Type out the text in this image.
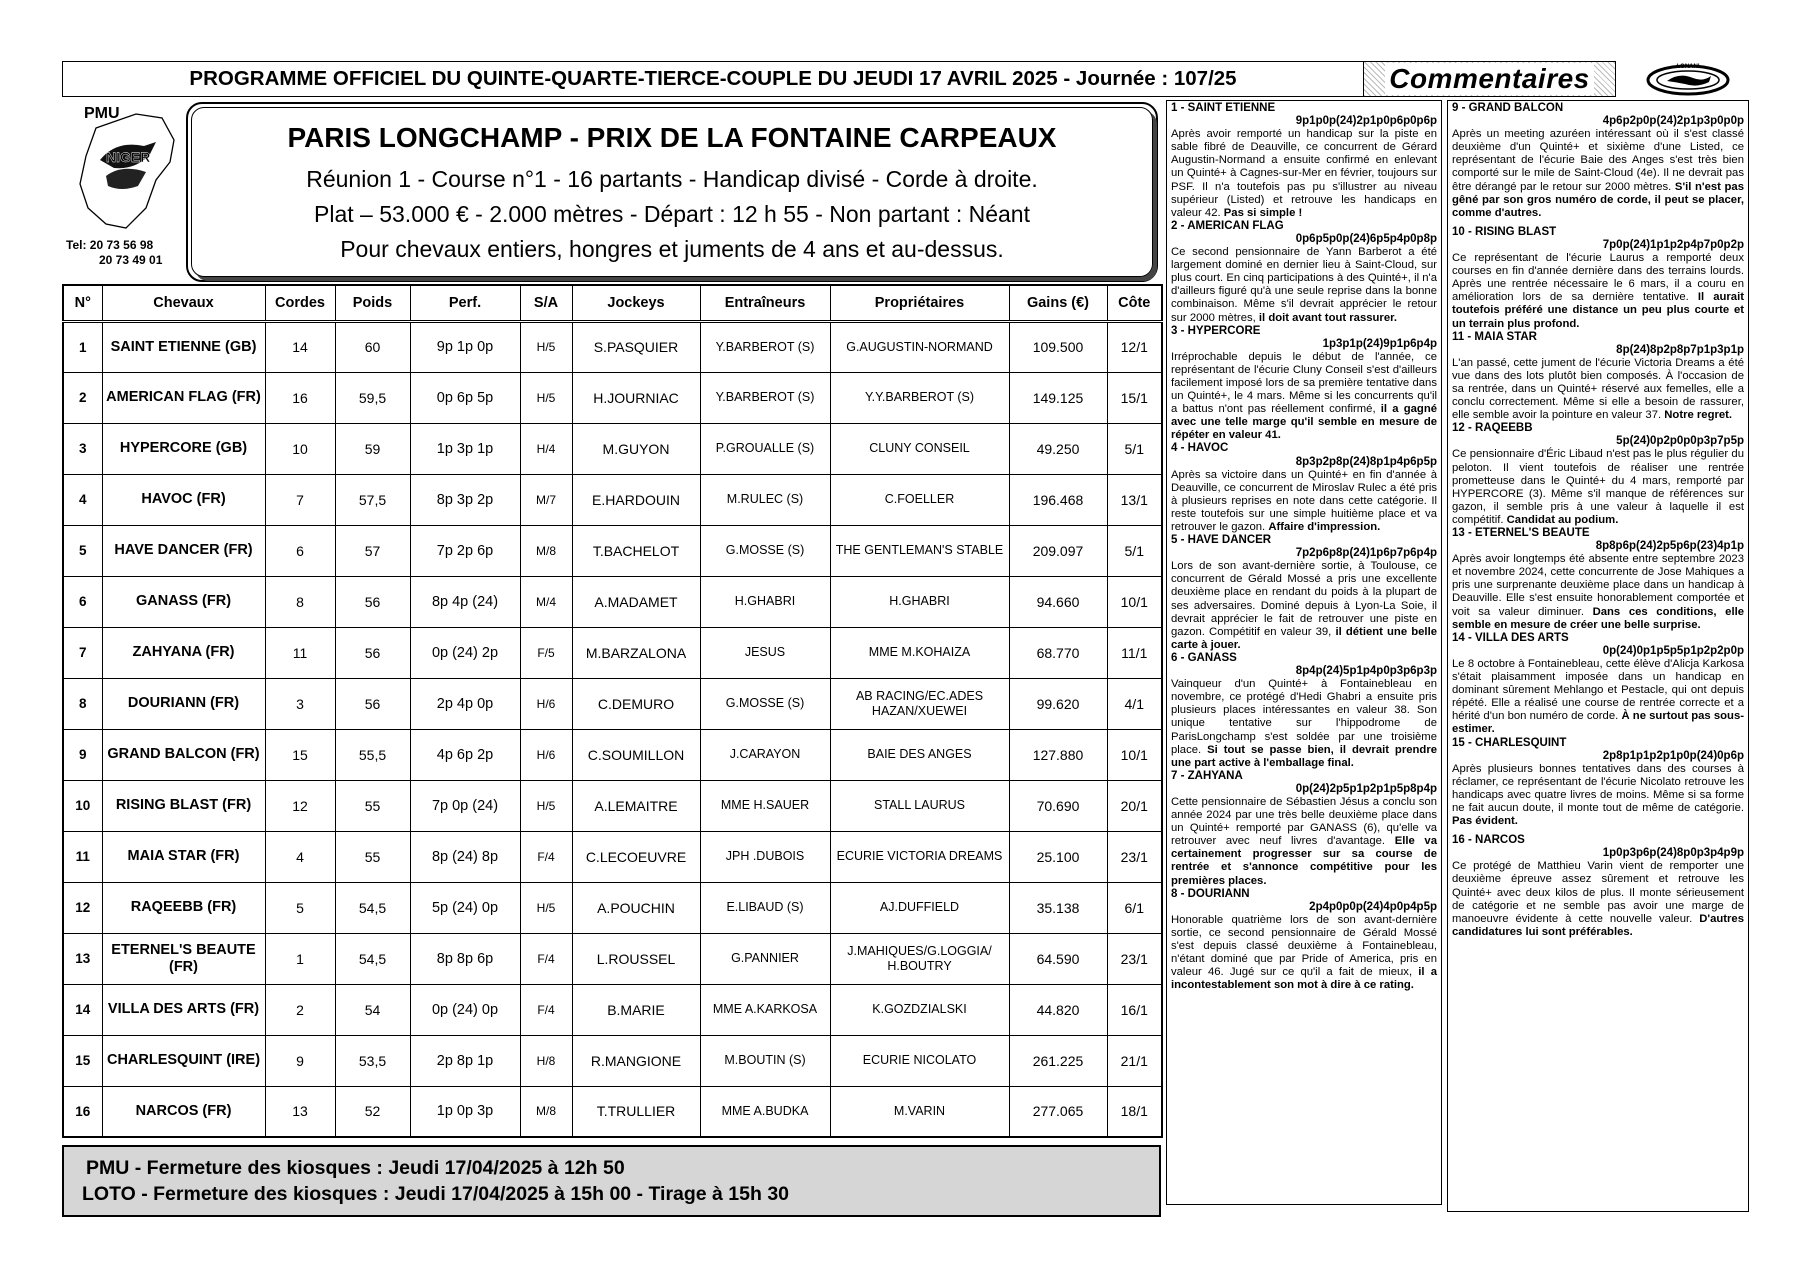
PROGRAMME OFFICIEL DU QUINTE-QUARTE-TIERCE-COUPLE DU JEUDI 17 AVRIL 2025 - Journée : 107/25	Commentaires	LONANI
PMU
NIGER
Tel: 20 73 56 98
20 73 49 01
PARIS LONGCHAMP - PRIX DE LA FONTAINE CARPEAUX
Réunion 1 - Course n°1 - 16 partants - Handicap divisé - Corde à droite.
Plat – 53.000 € - 2.000 mètres - Départ : 12 h 55 - Non partant : Néant
Pour chevaux entiers, hongres et juments de 4 ans et au-dessus.
N°	Chevaux	Cordes	Poids	Perf.	S/A	Jockeys	Entraîneurs	Propriétaires	Gains (€)	Côte
1	SAINT ETIENNE (GB)	14	60	9p 1p 0p	H/5	S.PASQUIER	Y.BARBEROT (S)	G.AUGUSTIN-NORMAND	109.500	12/1
2	AMERICAN FLAG (FR)	16	59,5	0p 6p 5p	H/5	H.JOURNIAC	Y.BARBEROT (S)	Y.Y.BARBEROT (S)	149.125	15/1
3	HYPERCORE (GB)	10	59	1p 3p 1p	H/4	M.GUYON	P.GROUALLE (S)	CLUNY CONSEIL	49.250	5/1
4	HAVOC (FR)	7	57,5	8p 3p 2p	M/7	E.HARDOUIN	M.RULEC (S)	C.FOELLER	196.468	13/1
5	HAVE DANCER (FR)	6	57	7p 2p 6p	M/8	T.BACHELOT	G.MOSSE (S)	THE GENTLEMAN'S STABLE	209.097	5/1
6	GANASS (FR)	8	56	8p 4p (24)	M/4	A.MADAMET	H.GHABRI	H.GHABRI	94.660	10/1
7	ZAHYANA (FR)	11	56	0p (24) 2p	F/5	M.BARZALONA	JESUS	MME M.KOHAIZA	68.770	11/1
8	DOURIANN (FR)	3	56	2p 4p 0p	H/6	C.DEMURO	G.MOSSE (S)	AB RACING/EC.ADES HAZAN/XUEWEI	99.620	4/1
9	GRAND BALCON (FR)	15	55,5	4p 6p 2p	H/6	C.SOUMILLON	J.CARAYON	BAIE DES ANGES	127.880	10/1
10	RISING BLAST (FR)	12	55	7p 0p (24)	H/5	A.LEMAITRE	MME H.SAUER	STALL LAURUS	70.690	20/1
11	MAIA STAR (FR)	4	55	8p (24) 8p	F/4	C.LECOEUVRE	JPH .DUBOIS	ECURIE VICTORIA DREAMS	25.100	23/1
12	RAQEEBB (FR)	5	54,5	5p (24) 0p	H/5	A.POUCHIN	E.LIBAUD (S)	AJ.DUFFIELD	35.138	6/1
13	ETERNEL'S BEAUTE (FR)	1	54,5	8p 8p 6p	F/4	L.ROUSSEL	G.PANNIER	J.MAHIQUES/G.LOGGIA/ H.BOUTRY	64.590	23/1
14	VILLA DES ARTS (FR)	2	54	0p (24) 0p	F/4	B.MARIE	MME A.KARKOSA	K.GOZDZIALSKI	44.820	16/1
15	CHARLESQUINT (IRE)	9	53,5	2p 8p 1p	H/8	R.MANGIONE	M.BOUTIN (S)	ECURIE NICOLATO	261.225	21/1
16	NARCOS (FR)	13	52	1p 0p 3p	M/8	T.TRULLIER	MME A.BUDKA	M.VARIN	277.065	18/1
PMU - Fermeture des kiosques : Jeudi 17/04/2025 à 12h 50
LOTO - Fermeture des kiosques : Jeudi 17/04/2025 à 15h 00 - Tirage à 15h 30
1 - SAINT ETIENNE
9p1p0p(24)2p1p0p6p0p6p
Après avoir remporté un handicap sur la piste en sable fibré de Deauville, ce concurrent de Gérard Augustin-Normand a ensuite confirmé en enlevant un Quinté+ à Cagnes-sur-Mer en février, toujours sur PSF. Il n'a toutefois pas pu s'illustrer au niveau supérieur (Listed) et retrouve les handicaps en valeur 42. Pas si simple !
2 - AMERICAN FLAG
0p6p5p0p(24)6p5p4p0p8p
Ce second pensionnaire de Yann Barberot a été largement dominé en dernier lieu à Saint-Cloud, sur plus court. En cinq participations à des Quinté+, il n'a d'ailleurs figuré qu'à une seule reprise dans la bonne combinaison. Même s'il devrait apprécier le retour sur 2000 mètres, il doit avant tout rassurer.
3 - HYPERCORE
1p3p1p(24)9p1p6p4p
Irréprochable depuis le début de l'année, ce représentant de l'écurie Cluny Conseil s'est d'ailleurs facilement imposé lors de sa première tentative dans un Quinté+, le 4 mars. Même si les concurrents qu'il a battus n'ont pas réellement confirmé, il a gagné avec une telle marge qu'il semble en mesure de répéter en valeur 41.
4 - HAVOC
8p3p2p8p(24)8p1p4p6p5p
Après sa victoire dans un Quinté+ en fin d'année à Deauville, ce concurrent de Miroslav Rulec a été pris à plusieurs reprises en note dans cette catégorie. Il reste toutefois sur une simple huitième place et va retrouver le gazon. Affaire d'impression.
5 - HAVE DANCER
7p2p6p8p(24)1p6p7p6p4p
Lors de son avant-dernière sortie, à Toulouse, ce concurrent de Gérald Mossé a pris une excellente deuxième place en rendant du poids à la plupart de ses adversaires. Dominé depuis à Lyon-La Soie, il devrait apprécier le fait de retrouver une piste en gazon. Compétitif en valeur 39, il détient une belle carte à jouer.
6 - GANASS
8p4p(24)5p1p4p0p3p6p3p
Vainqueur d'un Quinté+ à Fontainebleau en novembre, ce protégé d'Hedi Ghabri a ensuite pris plusieurs places intéressantes en valeur 38. Son unique tentative sur l'hippodrome de ParisLongchamp s'est soldée par une troisième place. Si tout se passe bien, il devrait prendre une part active à l'emballage final.
7 - ZAHYANA
0p(24)2p5p1p2p1p5p8p4p
Cette pensionnaire de Sébastien Jésus a conclu son année 2024 par une très belle deuxième place dans un Quinté+ remporté par GANASS (6), qu'elle va retrouver avec neuf livres d'avantage. Elle va certainement progresser sur sa course de rentrée et s'annonce compétitive pour les premières places.
8 - DOURIANN
2p4p0p0p(24)4p0p4p5p
Honorable quatrième lors de son avant-dernière sortie, ce second pensionnaire de Gérald Mossé s'est depuis classé deuxième à Fontainebleau, n'étant dominé que par Pride of America, pris en valeur 46. Jugé sur ce qu'il a fait de mieux, il a incontestablement son mot à dire à ce rating.
9 - GRAND BALCON
4p6p2p0p(24)2p1p3p0p0p
Après un meeting azuréen intéressant où il s'est classé deuxième d'un Quinté+ et sixième d'une Listed, ce représentant de l'écurie Baie des Anges s'est très bien comporté sur le mile de Saint-Cloud (4e). Il ne devrait pas être dérangé par le retour sur 2000 mètres. S'il n'est pas gêné par son gros numéro de corde, il peut se placer, comme d'autres.
10 - RISING BLAST
7p0p(24)1p1p2p4p7p0p2p
Ce représentant de l'écurie Laurus a remporté deux courses en fin d'année dernière dans des terrains lourds. Après une rentrée nécessaire le 6 mars, il a couru en amélioration lors de sa dernière tentative. Il aurait toutefois préféré une distance un peu plus courte et un terrain plus profond.
11 - MAIA STAR
8p(24)8p2p8p7p1p3p1p
L'an passé, cette jument de l'écurie Victoria Dreams a été vue dans des lots plutôt bien composés. À l'occasion de sa rentrée, dans un Quinté+ réservé aux femelles, elle a conclu correctement. Même si elle a besoin de rassurer, elle semble avoir la pointure en valeur 37. Notre regret.
12 - RAQEEBB
5p(24)0p2p0p0p3p7p5p
Ce pensionnaire d'Éric Libaud n'est pas le plus régulier du peloton. Il vient toutefois de réaliser une rentrée prometteuse dans le Quinté+ du 4 mars, remporté par HYPERCORE (3). Même s'il manque de références sur gazon, il semble pris à une valeur à laquelle il est compétitif. Candidat au podium.
13 - ETERNEL'S BEAUTE
8p8p6p(24)2p5p6p(23)4p1p
Après avoir longtemps été absente entre septembre 2023 et novembre 2024, cette concurrente de Jose Mahiques a pris une surprenante deuxième place dans un handicap à Deauville. Elle s'est ensuite honorablement comportée et voit sa valeur diminuer. Dans ces conditions, elle semble en mesure de créer une belle surprise.
14 - VILLA DES ARTS
0p(24)0p1p5p5p1p2p2p0p
Le 8 octobre à Fontainebleau, cette élève d'Alicja Karkosa s'était plaisamment imposée dans un handicap en dominant sûrement Mehlango et Pestacle, qui ont depuis répété. Elle a réalisé une course de rentrée correcte et a hérité d'un bon numéro de corde. À ne surtout pas sous-estimer.
15 - CHARLESQUINT
2p8p1p1p2p1p0p(24)0p6p
Après plusieurs bonnes tentatives dans des courses à réclamer, ce représentant de l'écurie Nicolato retrouve les handicaps avec quatre livres de moins. Même si sa forme ne fait aucun doute, il monte tout de même de catégorie. Pas évident.
16 - NARCOS
1p0p3p6p(24)8p0p3p4p9p
Ce protégé de Matthieu Varin vient de remporter une deuxième épreuve assez sûrement et retrouve les Quinté+ avec deux kilos de plus. Il monte sérieusement de catégorie et ne semble pas avoir une marge de manoeuvre évidente à cette nouvelle valeur. D'autres candidatures lui sont préférables.
